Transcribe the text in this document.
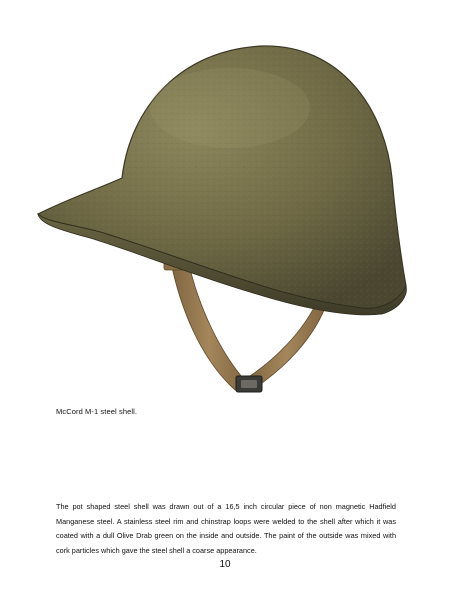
McCord M-1 steel shell.

The pot shaped steel shell was drawn out of a 16,5 inch circular piece of non magnetic Hadfield Manganese steel. A stainless steel rim and chinstrap loops were welded to the shell after which it was coated with a dull Olive Drab green on the inside and outside. The paint of the outside was mixed with cork particles which gave the steel shell a coarse appearance.

10
